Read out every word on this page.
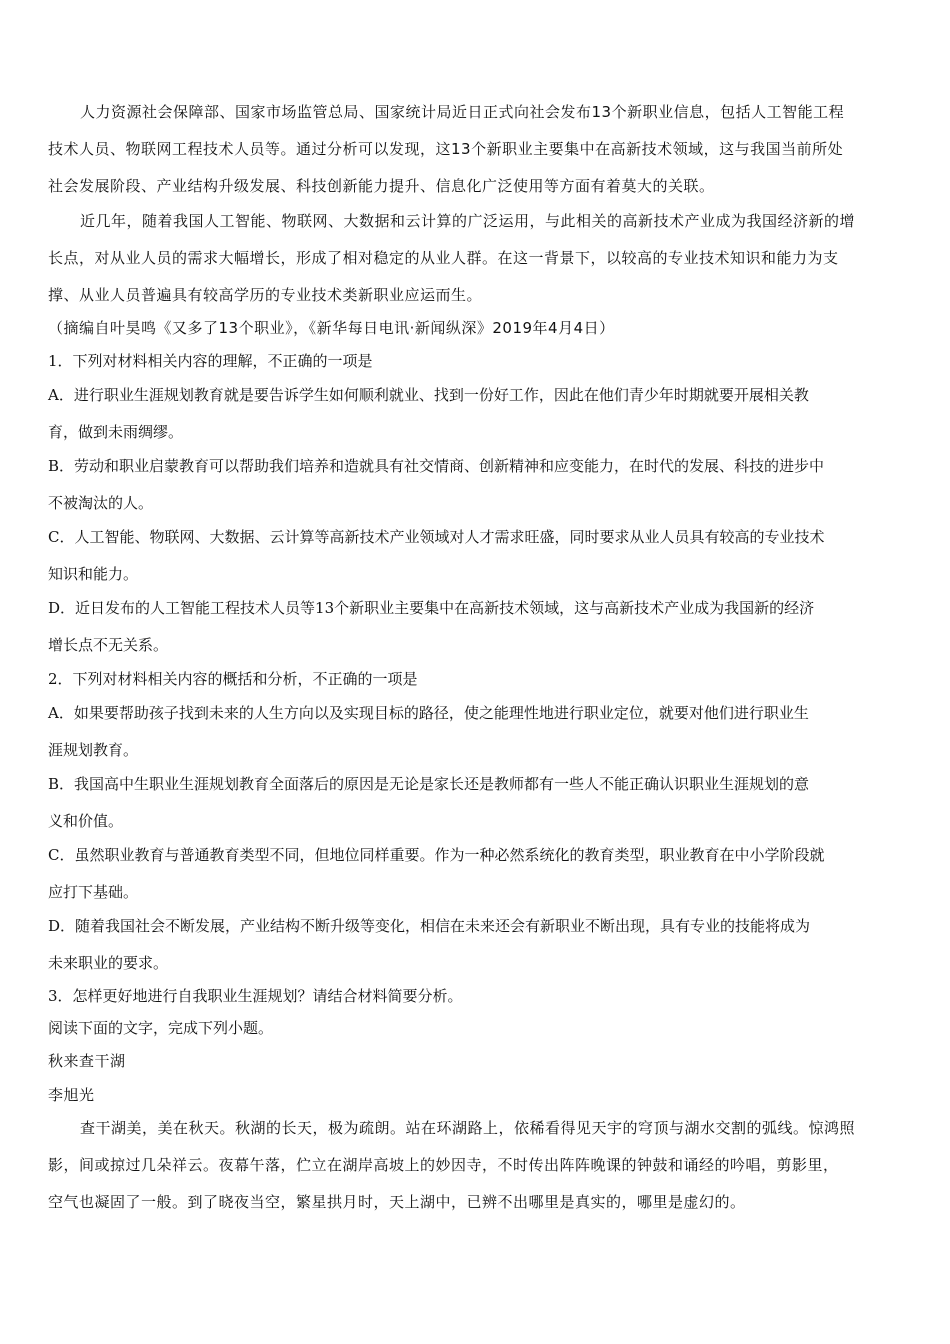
人力资源社会保障部、国家市场监管总局、国家统计局近日正式向社会发布13个新职业信息，包括人工智能工程
技术人员、物联网工程技术人员等。通过分析可以发现，这13个新职业主要集中在高新技术领域，这与我国当前所处
社会发展阶段、产业结构升级发展、科技创新能力提升、信息化广泛使用等方面有着莫大的关联。
近几年，随着我国人工智能、物联网、大数据和云计算的广泛运用，与此相关的高新技术产业成为我国经济新的增
长点，对从业人员的需求大幅增长，形成了相对稳定的从业人群。在这一背景下，以较高的专业技术知识和能力为支
撑、从业人员普遍具有较高学历的专业技术类新职业应运而生。
（摘编自叶昊鸣《又多了13个职业》，《新华每日电讯·新闻纵深》2019年4月4日）
1．下列对材料相关内容的理解，不正确的一项是
A．进行职业生涯规划教育就是要告诉学生如何顺利就业、找到一份好工作，因此在他们青少年时期就要开展相关教
育，做到未雨绸缪。
B．劳动和职业启蒙教育可以帮助我们培养和造就具有社交情商、创新精神和应变能力，在时代的发展、科技的进步中
不被淘汰的人。
C．人工智能、物联网、大数据、云计算等高新技术产业领域对人才需求旺盛，同时要求从业人员具有较高的专业技术
知识和能力。
D．近日发布的人工智能工程技术人员等13个新职业主要集中在高新技术领域，这与高新技术产业成为我国新的经济
增长点不无关系。
2．下列对材料相关内容的概括和分析，不正确的一项是
A．如果要帮助孩子找到未来的人生方向以及实现目标的路径，使之能理性地进行职业定位，就要对他们进行职业生
涯规划教育。
B．我国高中生职业生涯规划教育全面落后的原因是无论是家长还是教师都有一些人不能正确认识职业生涯规划的意
义和价值。
C．虽然职业教育与普通教育类型不同，但地位同样重要。作为一种必然系统化的教育类型，职业教育在中小学阶段就
应打下基础。
D．随着我国社会不断发展，产业结构不断升级等变化，相信在未来还会有新职业不断出现，具有专业的技能将成为
未来职业的要求。
3．怎样更好地进行自我职业生涯规划？请结合材料简要分析。
阅读下面的文字，完成下列小题。
秋来查干湖
李旭光
查干湖美，美在秋天。秋湖的长天，极为疏朗。站在环湖路上，依稀看得见天宇的穹顶与湖水交割的弧线。惊鸿照
影，间或掠过几朵祥云。夜幕午落，伫立在湖岸高坡上的妙因寺，不时传出阵阵晚课的钟鼓和诵经的吟唱，剪影里，
空气也凝固了一般。到了晓夜当空，繁星拱月时，天上湖中，已辨不出哪里是真实的，哪里是虚幻的。
